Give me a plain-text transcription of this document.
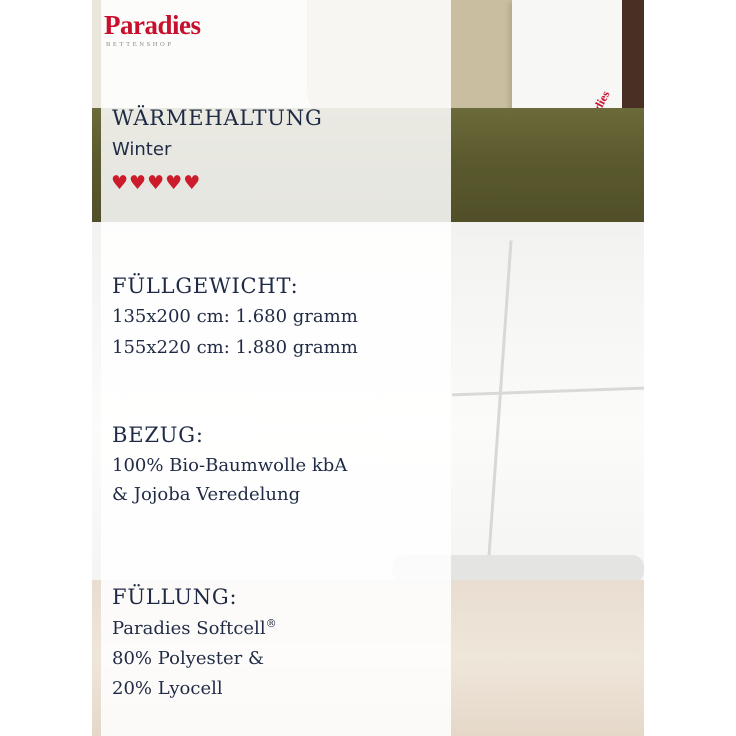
Paradies
BETTENSHOP
WÄRMEHALTUNG
Winter
♥ ♥ ♥ ♥ ♥
FÜLLGEWICHT:
135x200 cm: 1.680 gramm
155x220 cm: 1.880 gramm
BEZUG:
100% Bio-Baumwolle kbA
& Jojoba Veredelung
FÜLLUNG:
Paradies Softcell®
80% Polyester &
20% Lyocell
